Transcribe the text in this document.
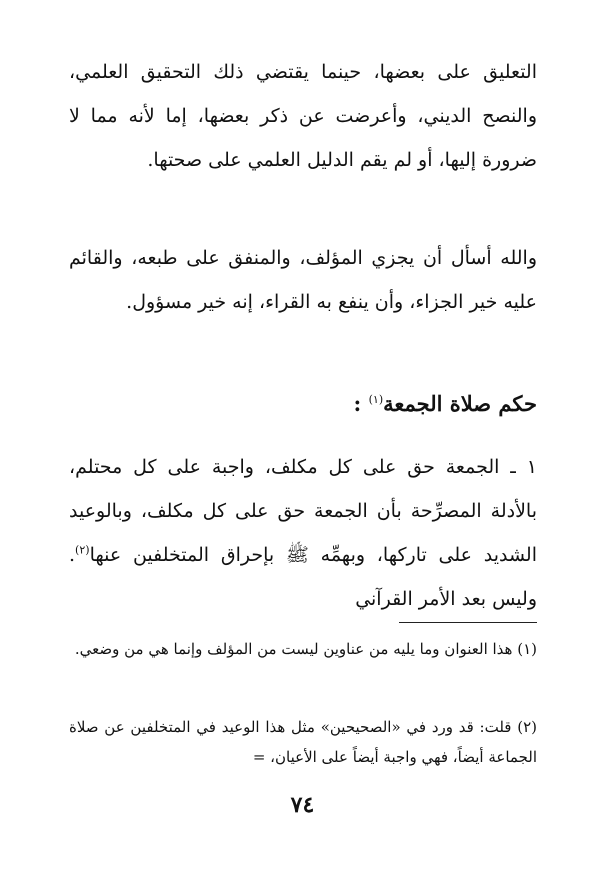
التعليق على بعضها، حينما يقتضي ذلك التحقيق العلمي، والنصح الديني، وأعرضت عن ذكر بعضها، إما لأنه مما لا ضرورة إليها، أو لم يقم الدليل العلمي على صحتها.

والله أسأل أن يجزي المؤلف، والمنفق على طبعه، والقائم عليه خير الجزاء، وأن ينفع به القراء، إنه خير مسؤول.

حكم صلاة الجمعة$^{(١)}$ :

١ ـ الجمعة حق على كل مكلف، واجبة على كل محتلم، بالأدلة المصرِّحة بأن الجمعة حق على كل مكلف، وبالوعيد الشديد على تاركها، وبهمِّه ﷺ بإحراق المتخلفين عنها$^{(٢)}$. وليس بعد الأمر القرآني

(١) هذا العنوان وما يليه من عناوين ليست من المؤلف وإنما هي من وضعي.

(٢) قلت: قد ورد في «الصحيحين» مثل هذا الوعيد في المتخلفين عن صلاة الجماعة أيضاً، فهي واجبة أيضاً على الأعيان، =

٧٤
